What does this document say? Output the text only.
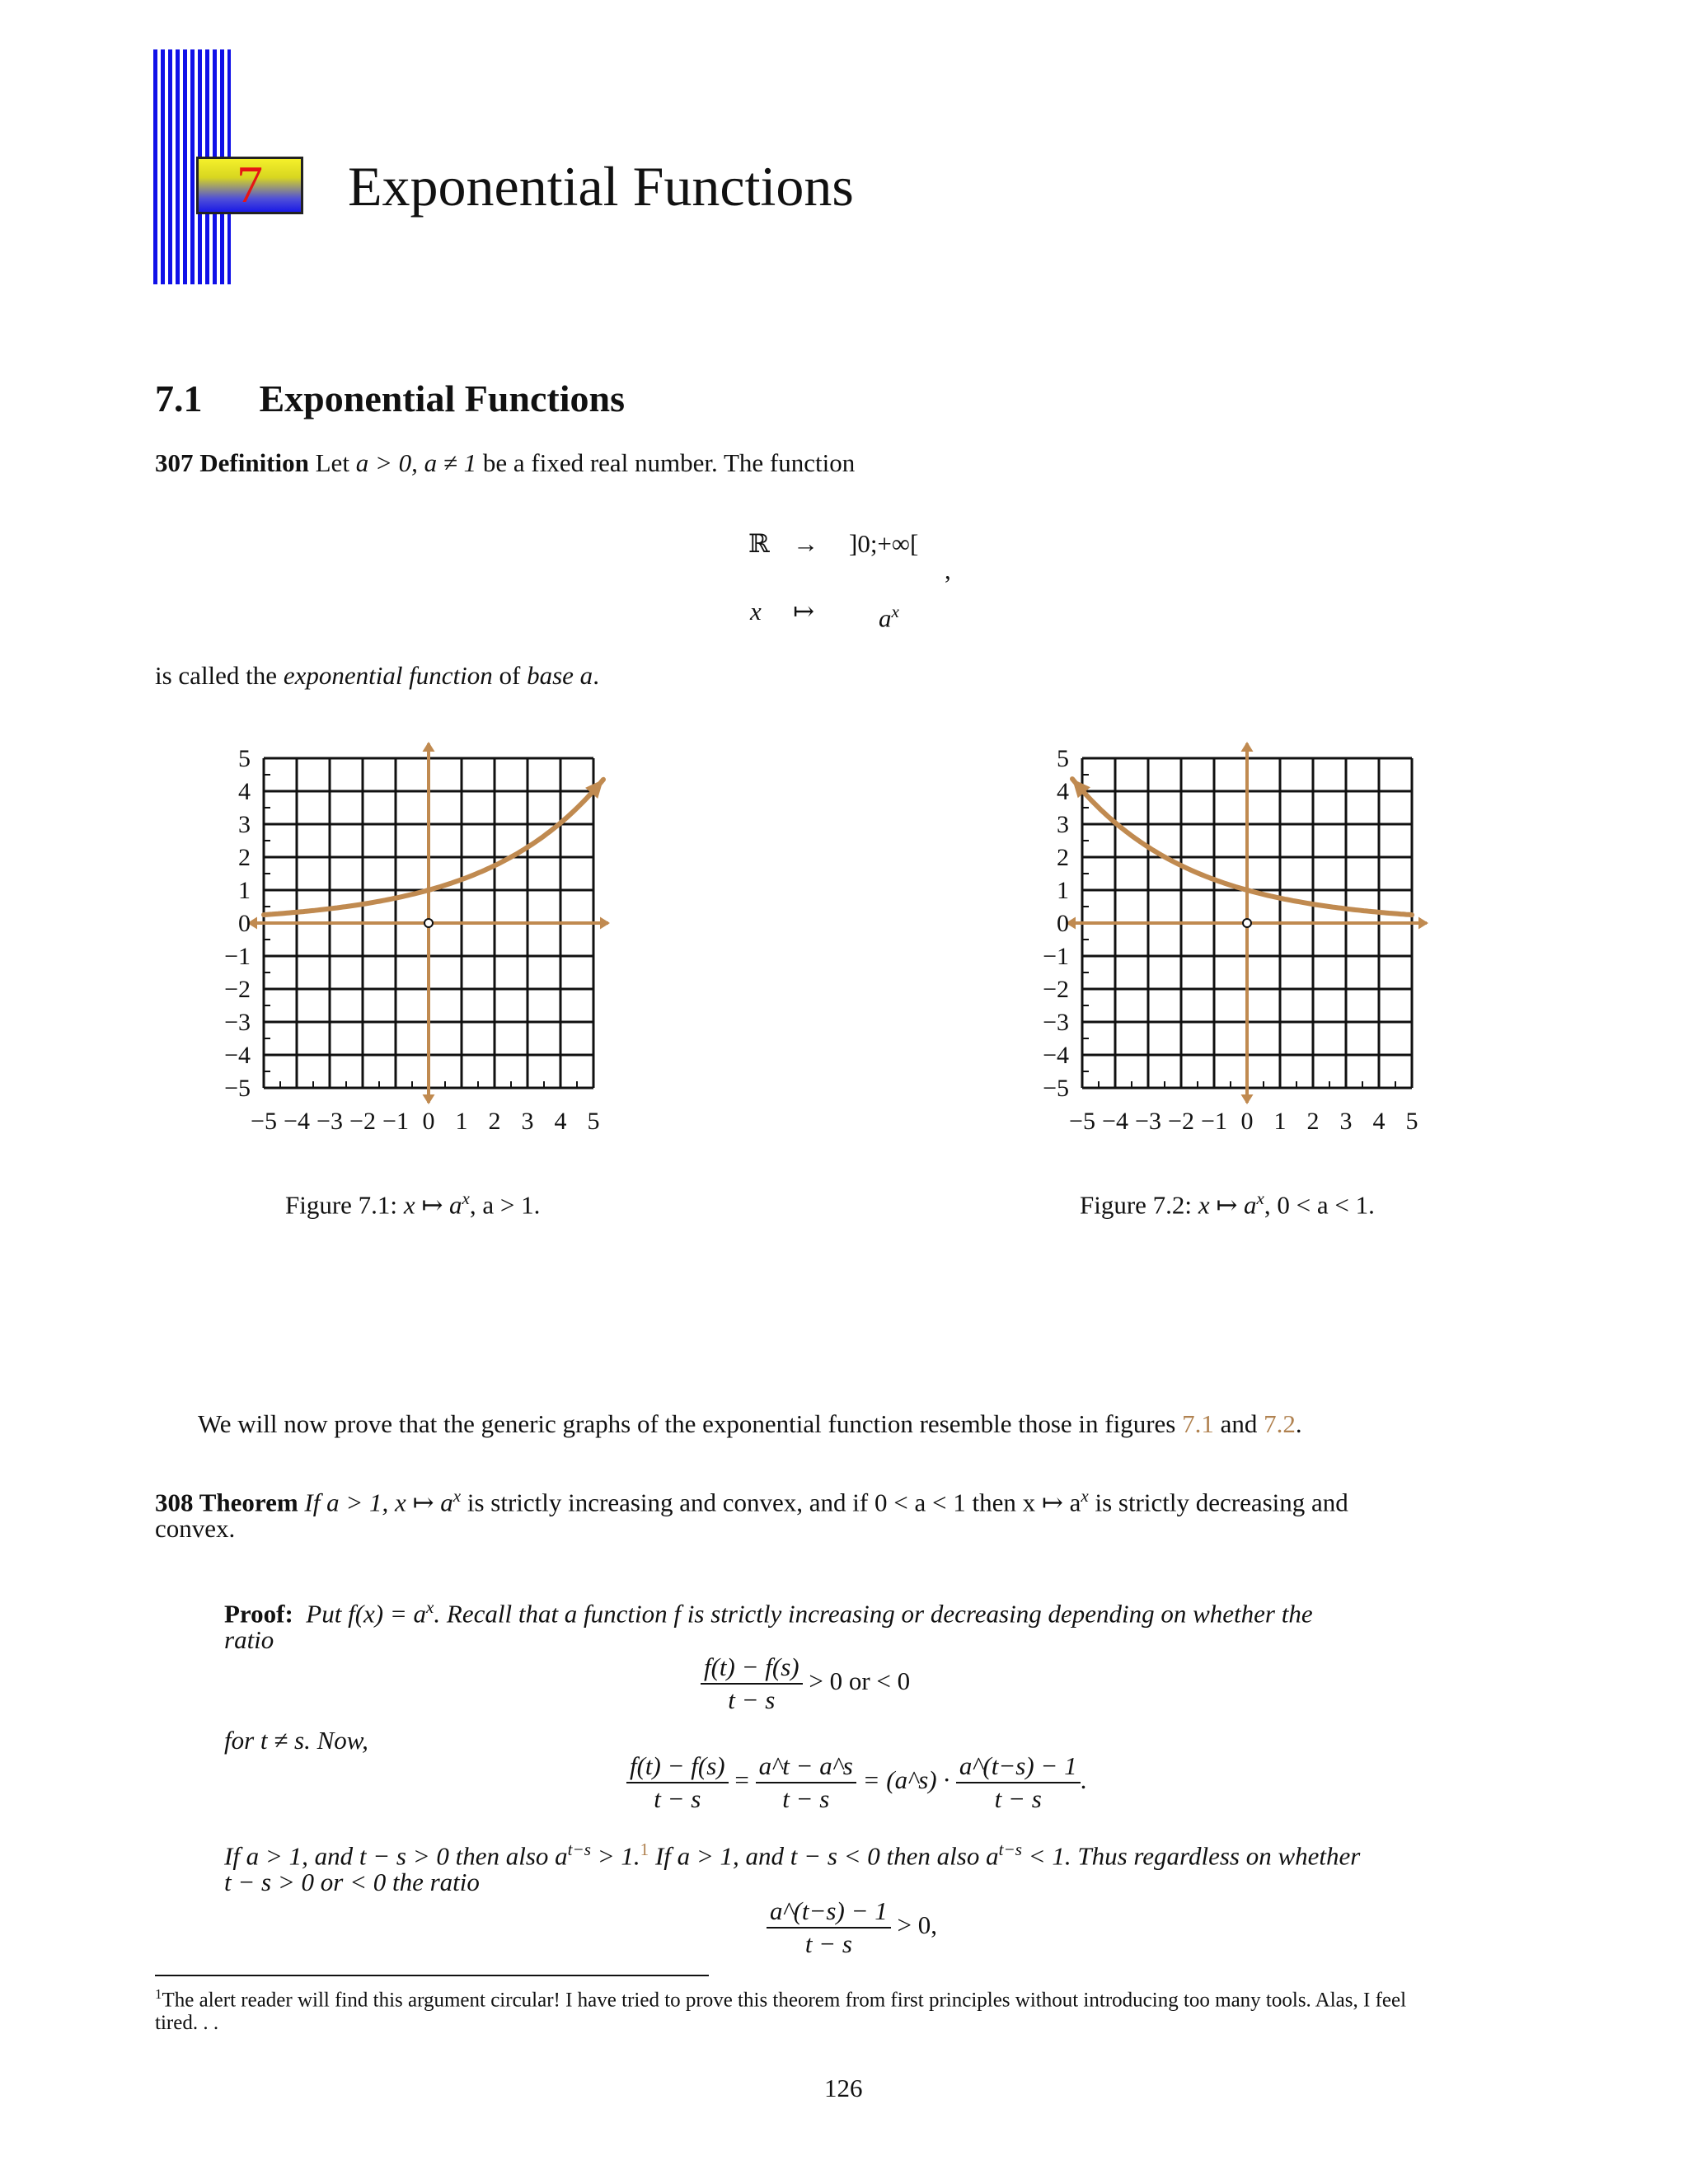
7	Exponential Functions
7.1 Exponential Functions
307 Definition Let a > 0, a ≠ 1 be a fixed real number. The function
ℝ → ]0;+∞[
,
x ↦	$a^x$
is called the exponential function of base a.
5
4
3
2
1
0
−1
−2
−3
−4
−5
−5 −4 −3 −2 −1 0 1 2 3 4 5
5
4
3
2
1
0
−1
−2
−3
−4
−5
−5 −4 −3 −2 −1 0 1 2 3 4 5
Figure 7.1: x ↦ $a^x$, a > 1.	Figure 7.2: x ↦ $a^x$, 0 < a < 1.
We will now prove that the generic graphs of the exponential function resemble those in figures 7.1 and 7.2.
308 Theorem If a > 1, x ↦ $a^x$ is strictly increasing and convex, and if 0 < a < 1 then x ↦ $a^x$ is strictly decreasing and
convex.
Proof: Put $f(x) = a^x$. Recall that a function f is strictly increasing or decreasing depending on whether the
ratio
$\frac{f(t) - f(s)}{t - s} > 0$ or < 0
for t ≠ s. Now,
$\frac{f(t) - f(s)}{t - s} = \frac{a\^{}t - a\^{}s}{t - s}$ = (a^s) · $\frac{a\^{}(t-s) - 1}{t - s}$ .
If a > 1, and t − s > 0 then also $a^{t-s} > 1.^1$ If a > 1, and t − s < 0 then also $a^{t-s} < 1$. Thus regardless on whether
t − s > 0 or < 0 the ratio
$\frac{a\^{}(t-s) - 1}{t - s} > 0$,
$^1$The alert reader will find this argument circular! I have tried to prove this theorem from first principles without introducing too many tools. Alas, I feel
tired. . .
126
